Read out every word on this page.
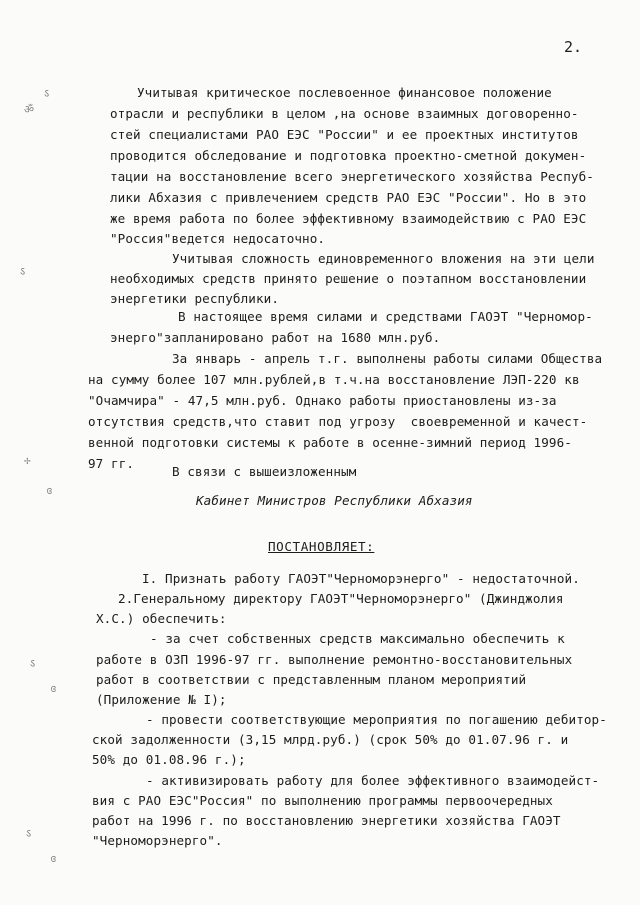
2.
Учитывая критическое послевоенное финансовое положение
отрасли и республики в целом ,на основе взаимных договоренно-
стей специалистами РАО ЕЭС "России" и ее проектных институтов
проводится обследование и подготовка проектно-сметной докумен-
тации на восстановление всего энергетического хозяйства Респуб-
лики Абхазия с привлечением средств РАО ЕЭС "России". Но в это
же время работа по более эффективному взаимодействию с РАО ЕЭС
"Россия"ведется недосаточно.
Учитывая сложность единовременного вложения на эти цели
необходимых средств принято решение о поэтапном восстановлении
энергетики республики.
В настоящее время силами и средствами ГАОЭТ "Черномор-
энерго"запланировано работ на 1680 млн.руб.
За январь - апрель т.г. выполнены работы силами Общества
на сумму более 107 млн.рублей,в т.ч.на восстановление ЛЭП-220 кв
"Очамчира" - 47,5 млн.руб. Однако работы приостановлены из-за
отсутствия средств,что ставит под угрозу  своевременной и качест-
венной подготовки системы к работе в осенне-зимний период 1996-
97 гг.
В связи с вышеизложенным
Кабинет Министров Республики Абхазия
ПОСТАНОВЛЯЕТ:
I. Признать работу ГАОЭТ"Черноморэнерго" - недостаточной.
2.Генеральному директору ГАОЭТ"Черноморэнерго" (Джинджолия
Х.С.) обеспечить:
- за счет собственных средств максимально обеспечить к
работе в ОЗП 1996-97 гг. выполнение ремонтно-восстановительных
работ в соответствии с представленным планом мероприятий
(Приложение № I);
- провести соответствующие мероприятия по погашению дебитор-
ской задолженности (3,15 млрд.руб.) (срок 50% до 01.07.96 г. и
50% до 01.08.96 г.);
- активизировать работу для более эффективного взаимодейст-
вия с РАО ЕЭС"Россия" по выполнению программы первоочередных
работ на 1996 г. по восстановлению энергетики хозяйства ГАОЭТ
"Черноморэнерго".
ऽ
ॐ
ऽ
✢
ɞ
ऽ
ɞ
ऽ
ɞ
